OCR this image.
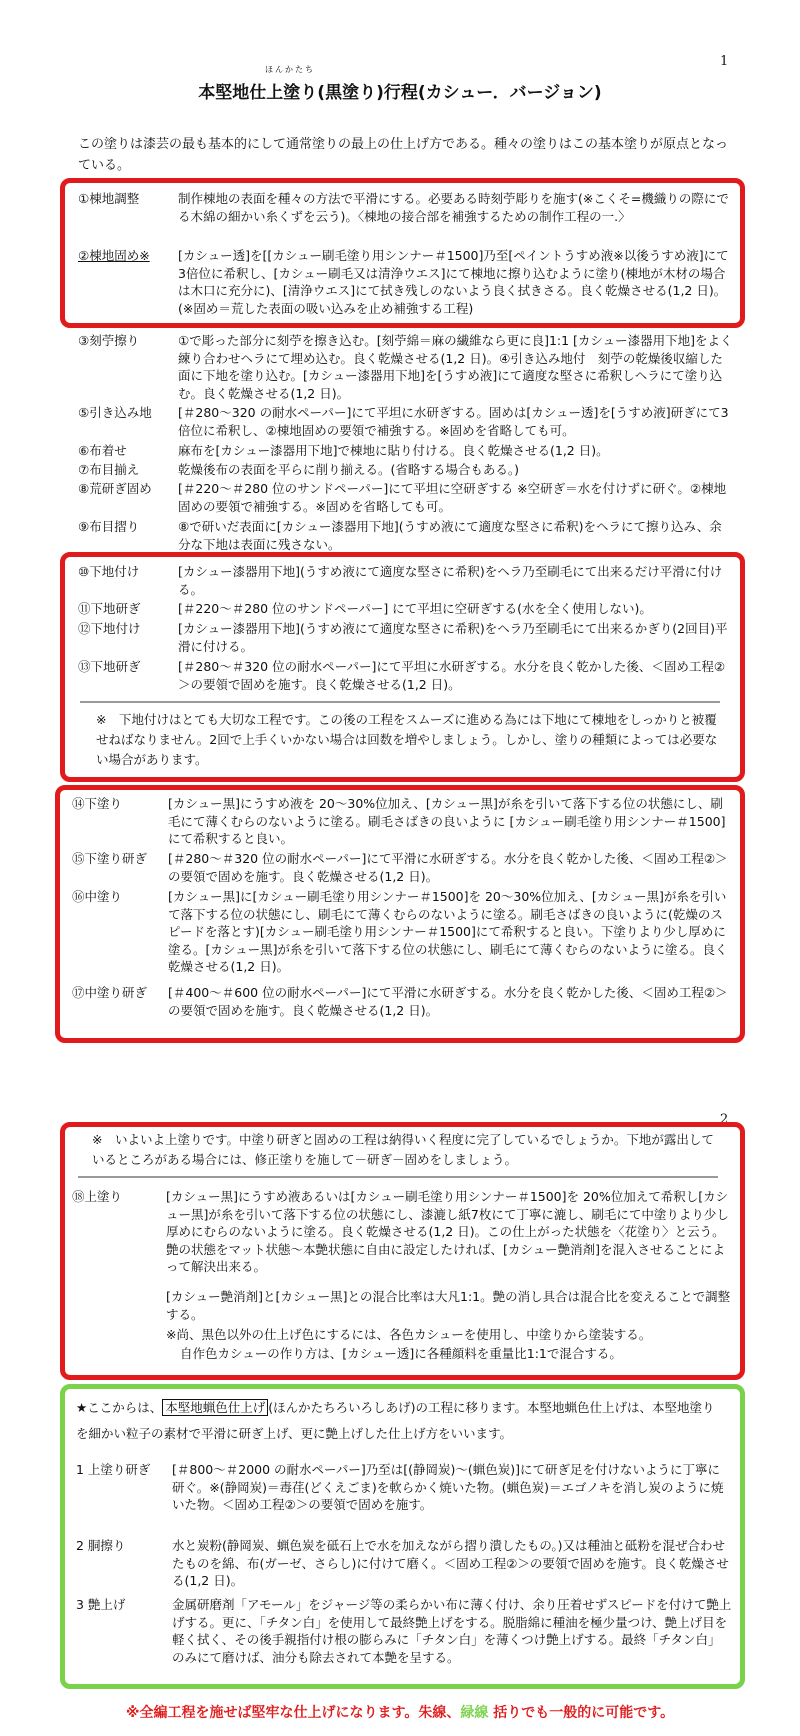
1
ほんかたち
本堅地仕上塗り(黒塗り)行程(カシュー．バージョン)
この塗りは漆芸の最も基本的にして通常塗りの最上の仕上げ方である。種々の塗りはこの基本塗りが原点となっている。
①棟地調整	制作棟地の表面を種々の方法で平滑にする。必要ある時刻苧彫りを施す(※こくそ=機織りの際にでる木綿の細かい糸くずを云う)。〈棟地の接合部を補強するための制作工程の一.〉
②棟地固め※ [カシュー透]を[[カシュー刷毛塗り用シンナー＃1500]乃至[ペイントうすめ液※以後うすめ液]にて3倍位に希釈し、[カシュー刷毛又は清浄ウエス]にて棟地に擦り込むように塗り(棟地が木材の場合は木口に充分に)、[清浄ウエス]にて拭き残しのないよう良く拭きさる。良く乾燥させる(1,2 日)。(※固め＝荒した表面の吸い込みを止め補強する工程)
③刻苧擦り	①で彫った部分に刻苧を擦き込む。[刻苧綿＝麻の繊維なら更に良]1:1 [カシュー漆器用下地]をよく練り合わせヘラにて埋め込む。良く乾燥させる(1,2 日)。④引き込み地付　刻苧の乾燥後収縮した面に下地を塗り込む。[カシュー漆器用下地]を[うすめ液]にて適度な堅さに希釈しヘラにて塗り込む。良く乾燥させる(1,2 日)。
⑤引き込み地 [＃280～320 の耐水ペーパー]にて平坦に水研ぎする。固めは[カシュー透]を[うすめ液]研ぎにて3倍位に希釈し、②棟地固めの要領で補強する。※固めを省略しても可。
⑥布着せ	麻布を[カシュー漆器用下地]で棟地に貼り付ける。良く乾燥させる(1,2 日)。
⑦布目揃え	乾燥後布の表面を平らに削り揃える。(省略する場合もある。)
⑧荒研ぎ固め [＃220～＃280 位のサンドペーパー]にて平坦に空研ぎする ※空研ぎ＝水を付けずに研ぐ。②棟地固めの要領で補強する。※固めを省略しても可。
⑨布目摺り	⑧で研いだ表面に[カシュー漆器用下地](うすめ液にて適度な堅さに希釈)をヘラにて擦り込み、余分な下地は表面に残さない。
⑩下地付け	[カシュー漆器用下地](うすめ液にて適度な堅さに希釈)をヘラ乃至刷毛にて出来るだけ平滑に付ける。
⑪下地研ぎ	[＃220～＃280 位のサンドペーパー] にて平坦に空研ぎする(水を全く使用しない)。
⑫下地付け	[カシュー漆器用下地](うすめ液にて適度な堅さに希釈)をヘラ乃至刷毛にて出来るかぎり(2回目)平滑に付ける。
⑬下地研ぎ	[＃280～＃320 位の耐水ペーパー]にて平坦に水研ぎする。水分を良く乾かした後、＜固め工程②＞の要領で固めを施す。良く乾燥させる(1,2 日)。
※　下地付けはとても大切な工程です。この後の工程をスムーズに進める為には下地にて棟地をしっかりと被覆せねばなりません。2回で上手くいかない場合は回数を増やしましょう。しかし、塗りの種類によっては必要ない場合があります。
⑭下塗り	[カシュー黒]にうすめ液を 20～30%位加え、[カシュー黒]が糸を引いて落下する位の状態にし、刷毛にて薄くむらのないように塗る。刷毛さばきの良いように [カシュー刷毛塗り用シンナー＃1500]にて希釈すると良い。
⑮下塗り研ぎ [＃280～＃320 位の耐水ペーパー]にて平滑に水研ぎする。水分を良く乾かした後、＜固め工程②＞の要領で固めを施す。良く乾燥させる(1,2 日)。
⑯中塗り	[カシュー黒]に[カシュー刷毛塗り用シンナー＃1500]を 20～30%位加え、[カシュー黒]が糸を引いて落下する位の状態にし、刷毛にて薄くむらのないように塗る。刷毛さばきの良いように(乾燥のスピードを落とす)[カシュー刷毛塗り用シンナー＃1500]にて希釈すると良い。下塗りより少し厚めに塗る。[カシュー黒]が糸を引いて落下する位の状態にし、刷毛にて薄くむらのないように塗る。良く乾燥させる(1,2 日)。
⑰中塗り研ぎ [＃400～＃600 位の耐水ペーパー]にて平滑に水研ぎする。水分を良く乾かした後、＜固め工程②＞の要領で固めを施す。良く乾燥させる(1,2 日)。
2
※　いよいよ上塗りです。中塗り研ぎと固めの工程は納得いく程度に完了しているでしょうか。下地が露出しているところがある場合には、修正塗りを施して－研ぎ－固めをしましょう。
⑱上塗り	[カシュー黒]にうすめ液あるいは[カシュー刷毛塗り用シンナー＃1500]を 20%位加えて希釈し[カシュー黒]が糸を引いて落下する位の状態にし、漆漉し紙7枚にて丁寧に漉し、刷毛にて中塗りより少し厚めにむらのないように塗る。良く乾燥させる(1,2 日)。この仕上がった状態を〈花塗り〉と云う。艶の状態をマット状態～本艶状態に自由に設定したければ、[カシュー艶消剤]を混入させることによって解決出来る。
[カシュー艶消剤]と[カシュー黒]との混合比率は大凡1:1。艶の消し具合は混合比を変えることで調整する。
※尚、黒色以外の仕上げ色にするには、各色カシューを使用し、中塗りから塗装する。
自作色カシューの作り方は、[カシュー透]に各種顔料を重量比1:1で混合する。
★ここからは、 本堅地蝋色仕上げ (ほんかたちろいろしあげ)の工程に移ります。本堅地蝋色仕上げは、本堅地塗りを細かい粒子の素材で平滑に研ぎ上げ、更に艶上げした仕上げ方をいいます。
1 上塗り研ぎ [＃800～＃2000 の耐水ペーパー]乃至は[(静岡炭)～(蝋色炭)]にて研ぎ足を付けないように丁寧に研ぐ。※(静岡炭)＝毒荏(どくえごま)を軟らかく焼いた物。(蝋色炭)＝エゴノキを消し炭のように焼いた物。＜固め工程②＞の要領で固めを施す。
2 胴擦り	水と炭粉(静岡炭、蝋色炭を砥石上で水を加えながら摺り潰したもの。)又は種油と砥粉を混ぜ合わせたものを綿、布(ガーゼ、さらし)に付けて磨く。＜固め工程②＞の要領で固めを施す。良く乾燥させる(1,2 日)。
3 艶上げ	金属研磨剤「アモール」をジャージ等の柔らかい布に薄く付け、余り圧着せずスピードを付けて艶上げする。更に、「チタン白」を使用して最終艶上げをする。脱脂綿に種油を極少量つけ、艶上げ目を軽く拭く、その後手親指付け根の膨らみに「チタン白」を薄くつけ艶上げする。最終「チタン白」のみにて磨けば、油分も除去されて本艶を呈する。
※全編工程を施せば堅牢な仕上げになります。朱線、緑線 括りでも一般的に可能です。
